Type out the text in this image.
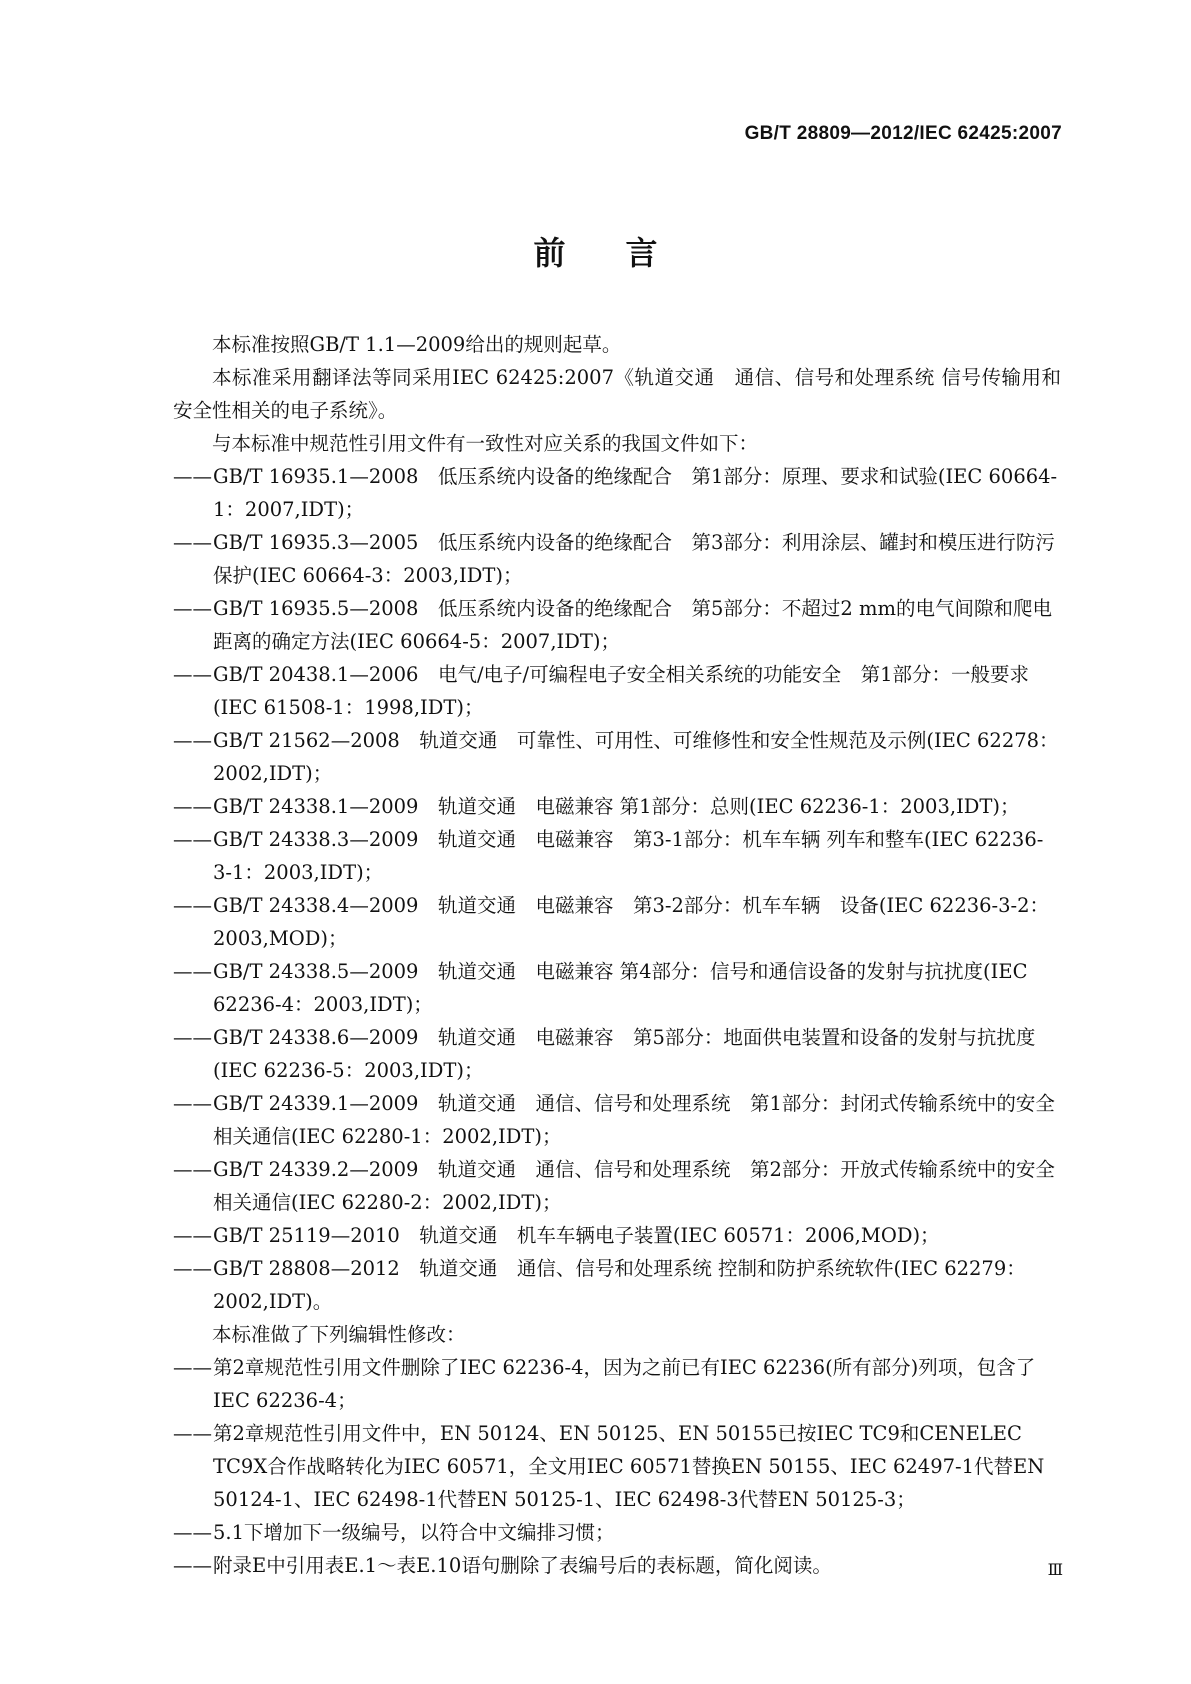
GB/T 28809—2012/IEC 62425:2007
前 言

本标准按照GB/T 1.1—2009给出的规则起草。

本标准采用翻译法等同采用IEC 62425:2007《轨道交通　通信、信号和处理系统 信号传输用和安全性相关的电子系统》。

与本标准中规范性引用文件有一致性对应关系的我国文件如下：

—— GB/T 16935.1—2008　低压系统内设备的绝缘配合　第1部分：原理、要求和试验(IEC 60664-1：2007,IDT)；

—— GB/T 16935.3—2005　低压系统内设备的绝缘配合　第3部分：利用涂层、罐封和模压进行防污保护(IEC 60664-3：2003,IDT)；

—— GB/T 16935.5—2008　低压系统内设备的绝缘配合　第5部分：不超过2 mm的电气间隙和爬电距离的确定方法(IEC 60664-5：2007,IDT)；

—— GB/T 20438.1—2006　电气/电子/可编程电子安全相关系统的功能安全　第1部分：一般要求(IEC 61508-1：1998,IDT)；

—— GB/T 21562—2008　轨道交通　可靠性、可用性、可维修性和安全性规范及示例(IEC 62278：2002,IDT)；

—— GB/T 24338.1—2009　轨道交通　电磁兼容 第1部分：总则(IEC 62236-1：2003,IDT)；

—— GB/T 24338.3—2009　轨道交通　电磁兼容　第3-1部分：机车车辆 列车和整车(IEC 62236-3-1：2003,IDT)；

—— GB/T 24338.4—2009　轨道交通　电磁兼容　第3-2部分：机车车辆　设备(IEC 62236-3-2：2003,MOD)；

—— GB/T 24338.5—2009　轨道交通　电磁兼容 第4部分：信号和通信设备的发射与抗扰度(IEC 62236-4：2003,IDT)；

—— GB/T 24338.6—2009　轨道交通　电磁兼容　第5部分：地面供电装置和设备的发射与抗扰度(IEC 62236-5：2003,IDT)；

—— GB/T 24339.1—2009　轨道交通　通信、信号和处理系统　第1部分：封闭式传输系统中的安全相关通信(IEC 62280-1：2002,IDT)；

—— GB/T 24339.2—2009　轨道交通　通信、信号和处理系统　第2部分：开放式传输系统中的安全相关通信(IEC 62280-2：2002,IDT)；

—— GB/T 25119—2010　轨道交通　机车车辆电子装置(IEC 60571：2006,MOD)；

—— GB/T 28808—2012　轨道交通　通信、信号和处理系统 控制和防护系统软件(IEC 62279：2002,IDT)。

本标准做了下列编辑性修改：

—— 第2章规范性引用文件删除了IEC 62236-4，因为之前已有IEC 62236(所有部分)列项，包含了IEC 62236-4；

—— 第2章规范性引用文件中，EN 50124、EN 50125、EN 50155已按IEC TC9和CENELEC TC9X合作战略转化为IEC 60571，全文用IEC 60571替换EN 50155、IEC 62497-1代替EN 50124-1、IEC 62498-1代替EN 50125-1、IEC 62498-3代替EN 50125-3；

—— 5.1下增加下一级编号，以符合中文编排习惯；

—— 附录E中引用表E.1～表E.10语句删除了表编号后的表标题，简化阅读。	Ⅲ
